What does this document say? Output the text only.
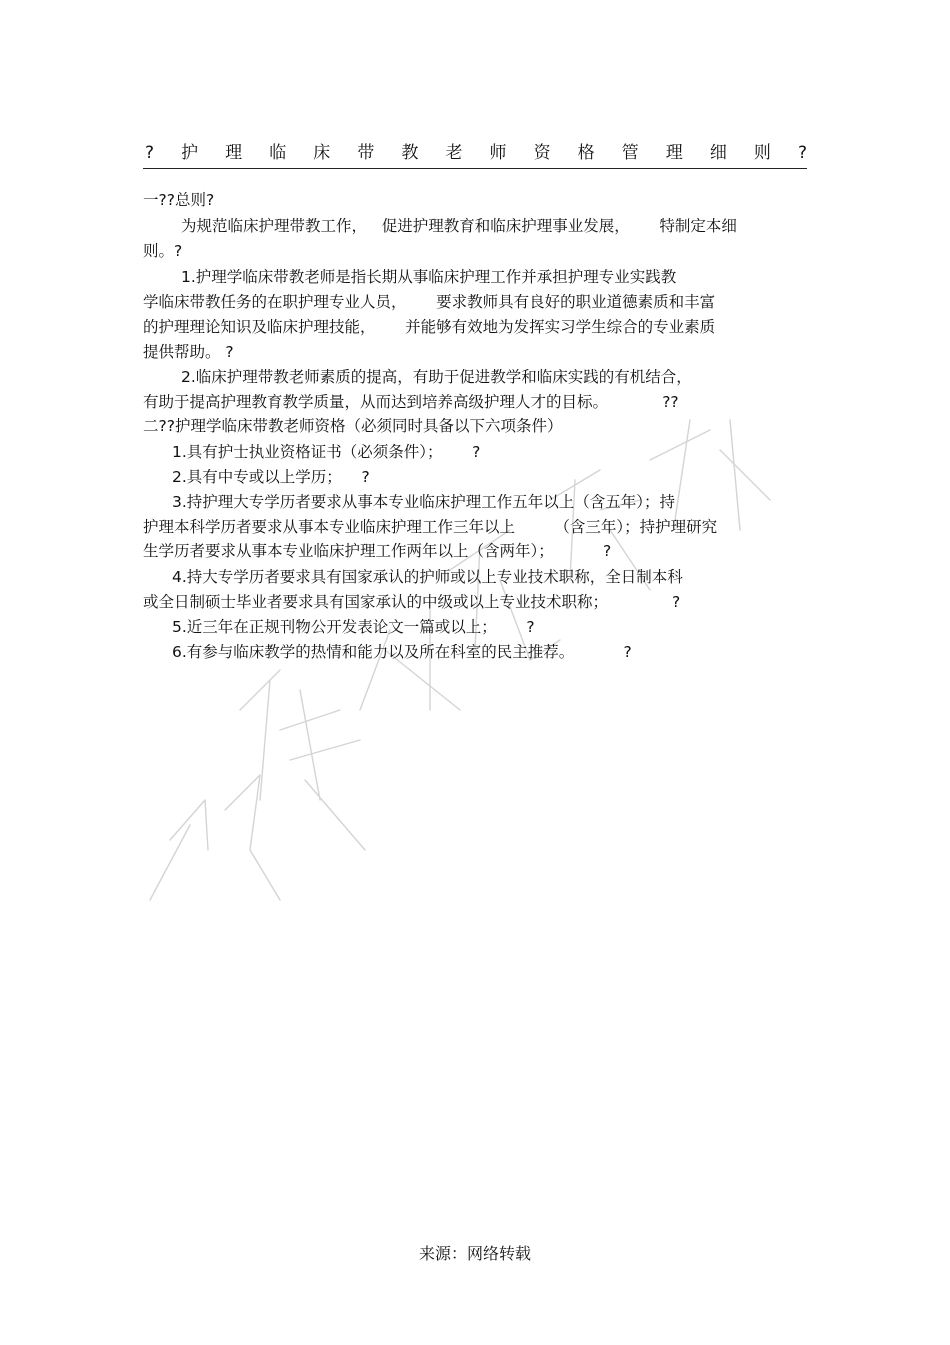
? 护 理 临 床 带 教 老 师 资 格 管 理 细 则 ?
一??总则?
为规范临床护理带教工作，   促进护理教育和临床护理事业发展，      特制定本细
则。?
1.护理学临床带教老师是指长期从事临床护理工作并承担护理专业实践教
学临床带教任务的在职护理专业人员，      要求教师具有良好的职业道德素质和丰富
的护理理论知识及临床护理技能，      并能够有效地为发挥实习学生综合的专业素质
提供帮助。 ?
2.临床护理带教老师素质的提高，有助于促进教学和临床实践的有机结合，
有助于提高护理教育教学质量，从而达到培养高级护理人才的目标。           ??
二??护理学临床带教老师资格（必须同时具备以下六项条件）
1.具有护士执业资格证书（必须条件）；      ?
2.具有中专或以上学历；    ?
3.持护理大专学历者要求从事本专业临床护理工作五年以上（含五年）；持
护理本科学历者要求从事本专业临床护理工作三年以上        （含三年）；持护理研究
生学历者要求从事本专业临床护理工作两年以上（含两年）；          ?
4.持大专学历者要求具有国家承认的护师或以上专业技术职称，全日制本科
或全日制硕士毕业者要求具有国家承认的中级或以上专业技术职称；             ?
5.近三年在正规刊物公开发表论文一篇或以上；      ?
6.有参与临床教学的热情和能力以及所在科室的民主推荐。          ?
来源：网络转载
